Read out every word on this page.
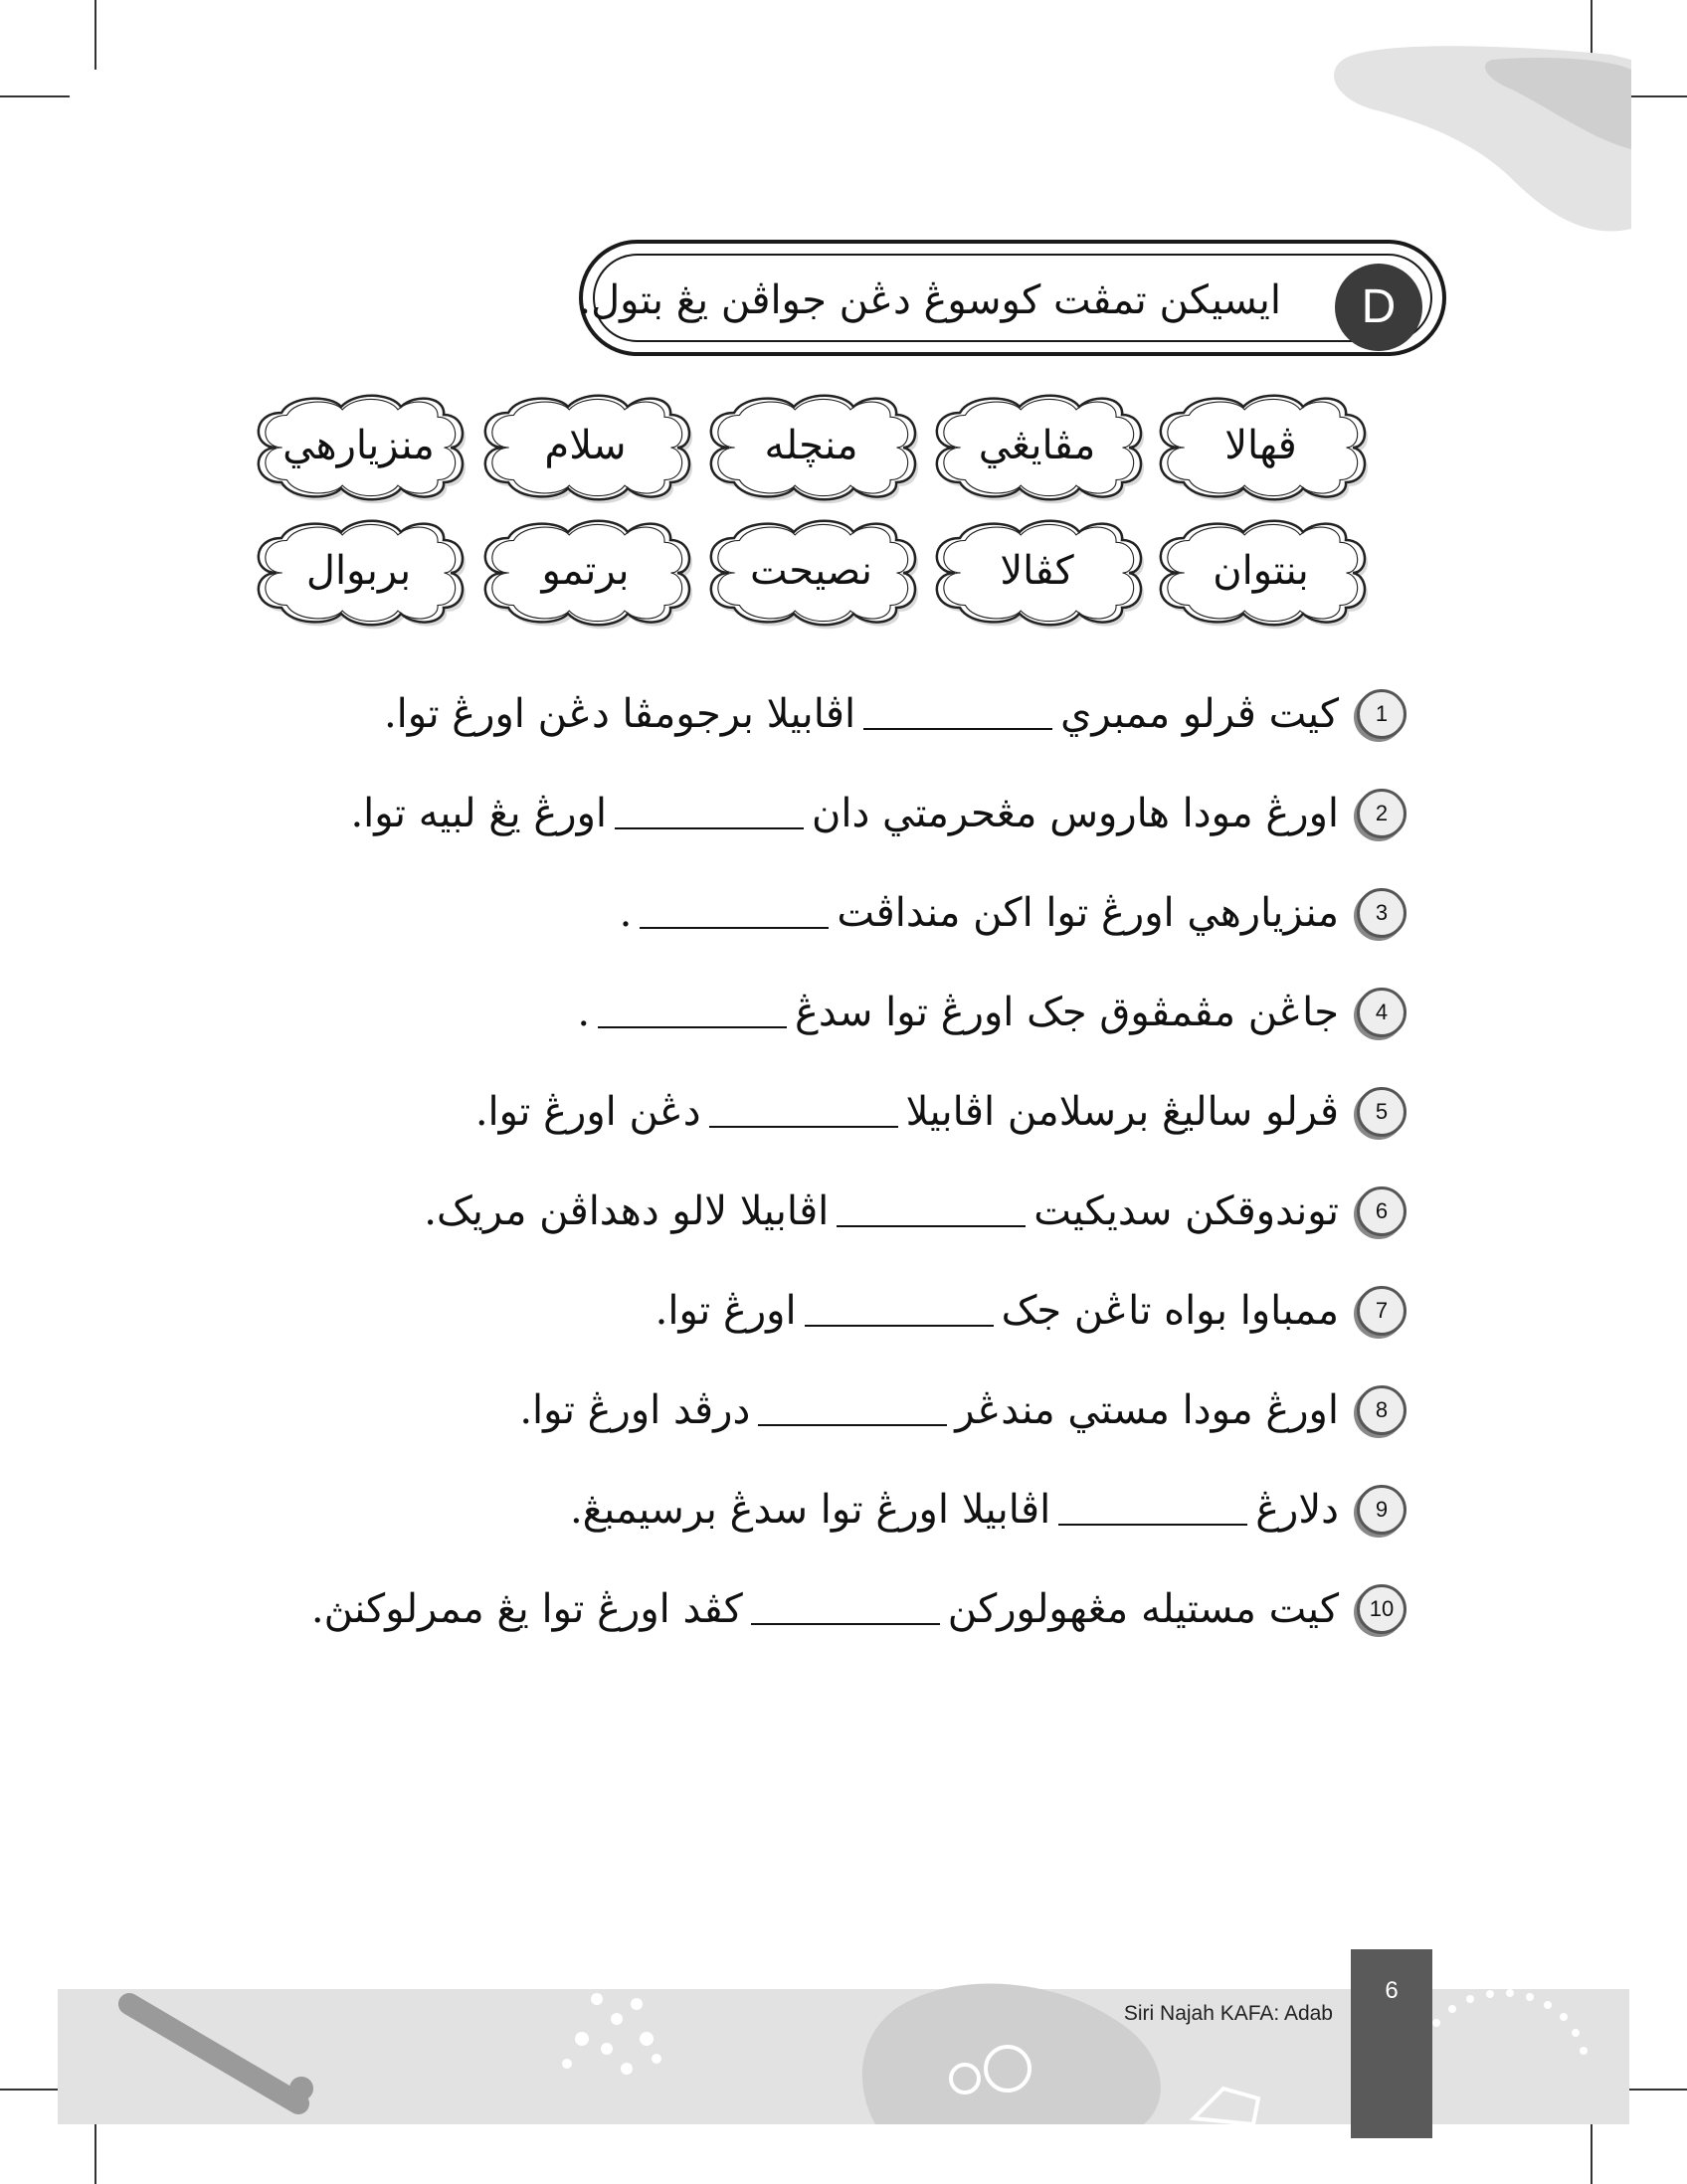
D
ايسيکن تمڤت کوسوڠ دڠن جواڤن يڠ بتول.
ڤهالا
مڤايڠي
منچله
سلام
منزيارهي
بنتوان
کڤالا
نصيحت
برتمو
بربوال
1
کيت ڤرلو ممبري
اڤابيلا برجومڤا دڠن اورڠ توا.
2
اورڠ مودا هاروس مڠحرمتي دان
اورڠ يڠ لبيه توا.
3
منزيارهي اورڠ توا اکن منداڤت
.
4
جاڠن مڤمڤوق جک اورڠ توا سدڠ
.
5
ڤرلو ساليڠ برسلامن اڤابيلا
دڠن اورڠ توا.
6
توندوقکن سديکيت
اڤابيلا لالو دهداڤن مريک.
7
ممباوا بواه تاڠن جک
اورڠ توا.
8
اورڠ مودا مستي مندڠر
درڤد اورڠ توا.
9
دلارڠ
اڤابيلا اورڠ توا سدڠ برسيمبڠ.
10
کيت مستيله مڠهولورکن
کڤد اورڠ توا يڠ ممرلوکنڽ.
6
Siri Najah KAFA: Adab
